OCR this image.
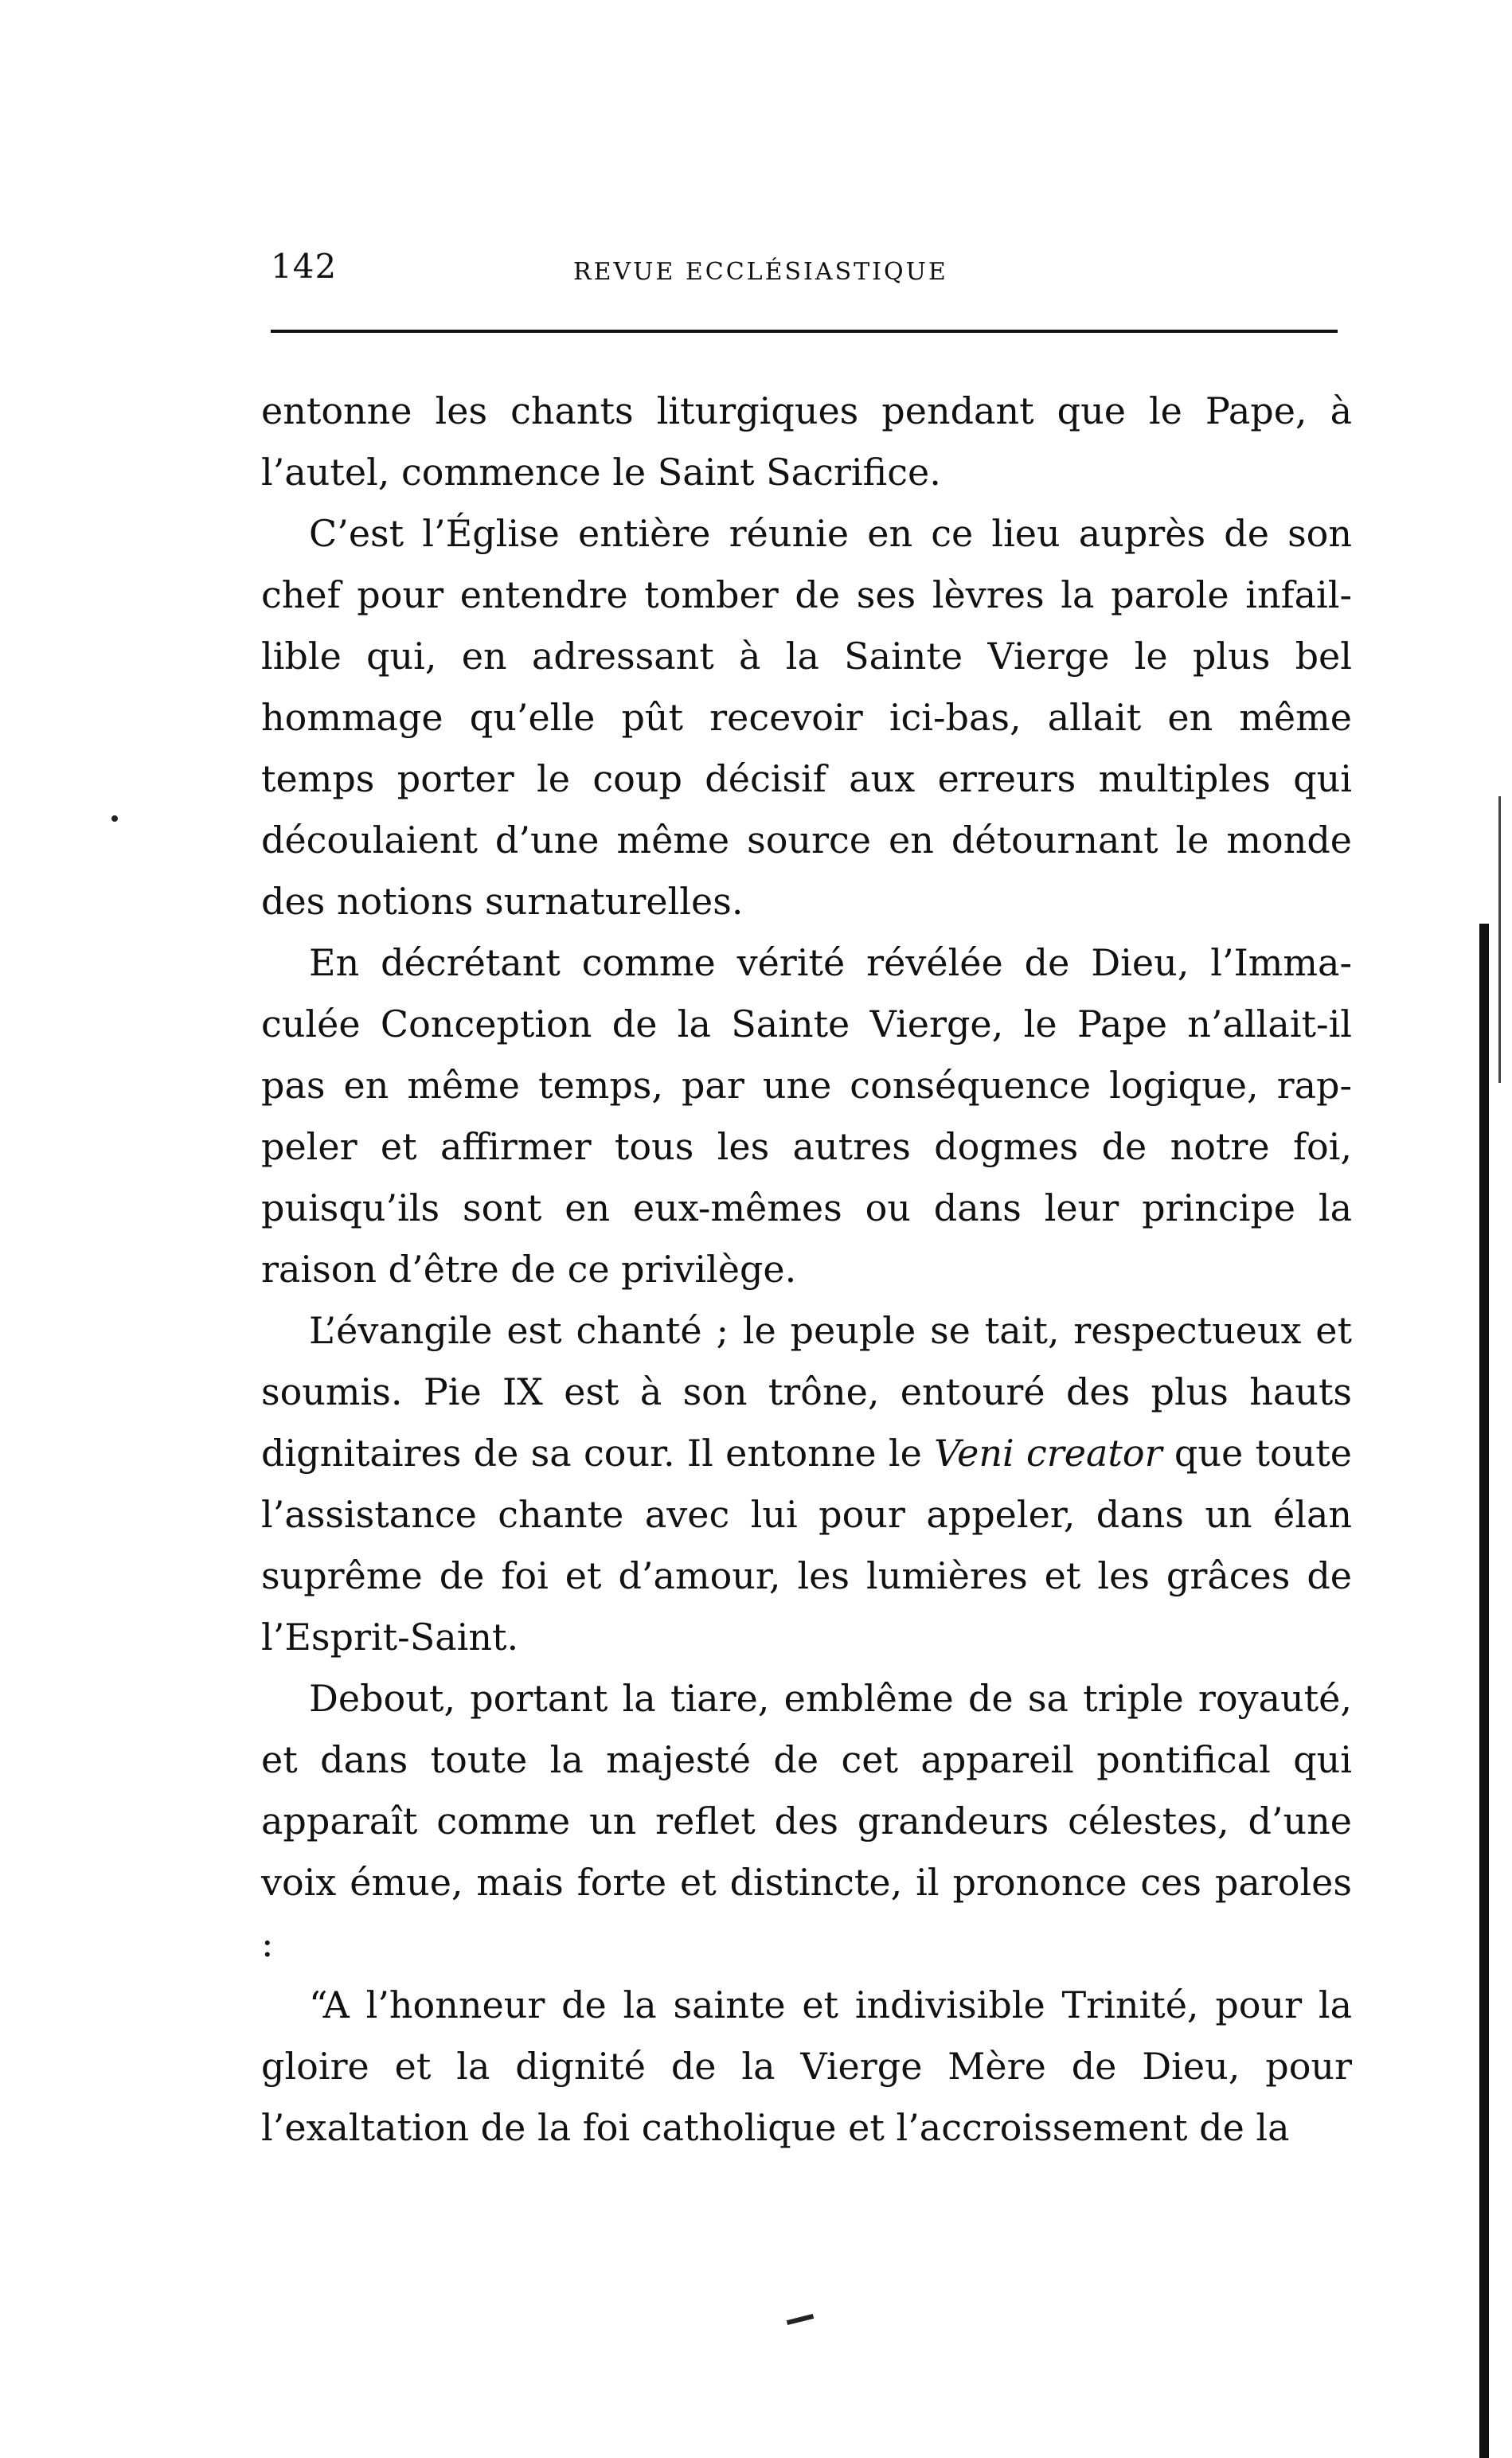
142	REVUE ECCLÉSIASTIQUE

entonne les chants liturgiques pendant que le Pape, à l’autel, commence le Saint Sacrifice.

C’est l’Église entière réunie en ce lieu auprès de son chef pour entendre tomber de ses lèvres la parole infaillible qui, en adressant à la Sainte Vierge le plus bel hommage qu’elle pût recevoir ici-bas, allait en même temps porter le coup décisif aux erreurs multiples qui découlaient d’une même source en détournant le monde des notions surnaturelles.

En décrétant comme vérité révélée de Dieu, l’Immaculée Conception de la Sainte Vierge, le Pape n’allait-il pas en même temps, par une conséquence logique, rappeler et affirmer tous les autres dogmes de notre foi, puisqu’ils sont en eux-mêmes ou dans leur principe la raison d’être de ce privilège.

L’évangile est chanté ; le peuple se tait, respectueux et soumis. Pie IX est à son trône, entouré des plus hauts dignitaires de sa cour. Il entonne le Veni creator que toute l’assistance chante avec lui pour appeler, dans un élan suprême de foi et d’amour, les lumières et les grâces de l’Esprit-Saint.

Debout, portant la tiare, emblême de sa triple royauté, et dans toute la majesté de cet appareil pontifical qui apparaît comme un reflet des grandeurs célestes, d’une voix émue, mais forte et distincte, il prononce ces paroles :

“A l’honneur de la sainte et indivisible Trinité, pour la gloire et la dignité de la Vierge Mère de Dieu, pour l’exaltation de la foi catholique et l’accroissement de la
